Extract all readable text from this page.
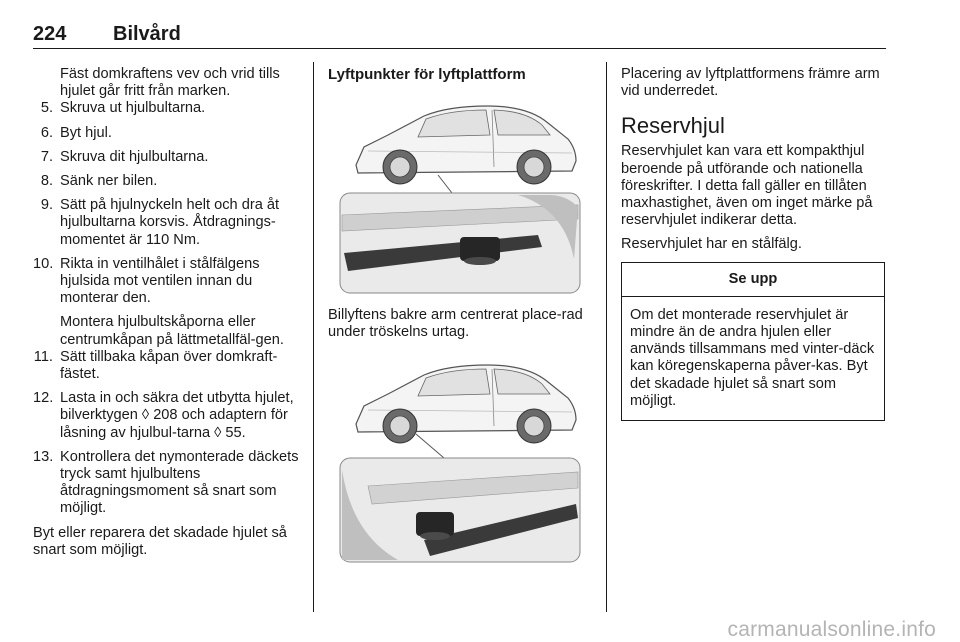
224 Bilvård

Fäst domkraftens vev och vrid tills hjulet går fritt från marken.

5. Skruva ut hjulbultarna.
6. Byt hjul.
7. Skruva dit hjulbultarna.
8. Sänk ner bilen.
9. Sätt på hjulnyckeln helt och dra åt hjulbultarna korsvis. Åtdragnings-momentet är 110 Nm.
10. Rikta in ventilhålet i stålfälgens hjulsida mot ventilen innan du monterar den.

Montera hjulbultskåporna eller centrumkåpan på lättmetallfäl-gen.

11. Sätt tillbaka kåpan över domkraft-fästet.
12. Lasta in och säkra det utbytta hjulet, bilverktygen ◊ 208 och adaptern för låsning av hjulbul-tarna ◊ 55.
13. Kontrollera det nymonterade däckets tryck samt hjulbultens åtdragningsmoment så snart som möjligt.

Byt eller reparera det skadade hjulet så snart som möjligt.

Lyftpunkter för lyftplattform

Billyftens bakre arm centrerat place-rad under tröskelns urtag.

Placering av lyftplattformens främre arm vid underredet.

Reservhjul

Reservhjulet kan vara ett kompakthjul beroende på utförande och nationella föreskrifter. I detta fall gäller en tillåten maxhastighet, även om inget märke på reservhjulet indikerar detta.

Reservhjulet har en stålfälg.

Se upp
Om det monterade reservhjulet är mindre än de andra hjulen eller används tillsammans med vinter-däck kan köregenskaperna påver-kas. Byt det skadade hjulet så snart som möjligt.
carmanualsonline.info
